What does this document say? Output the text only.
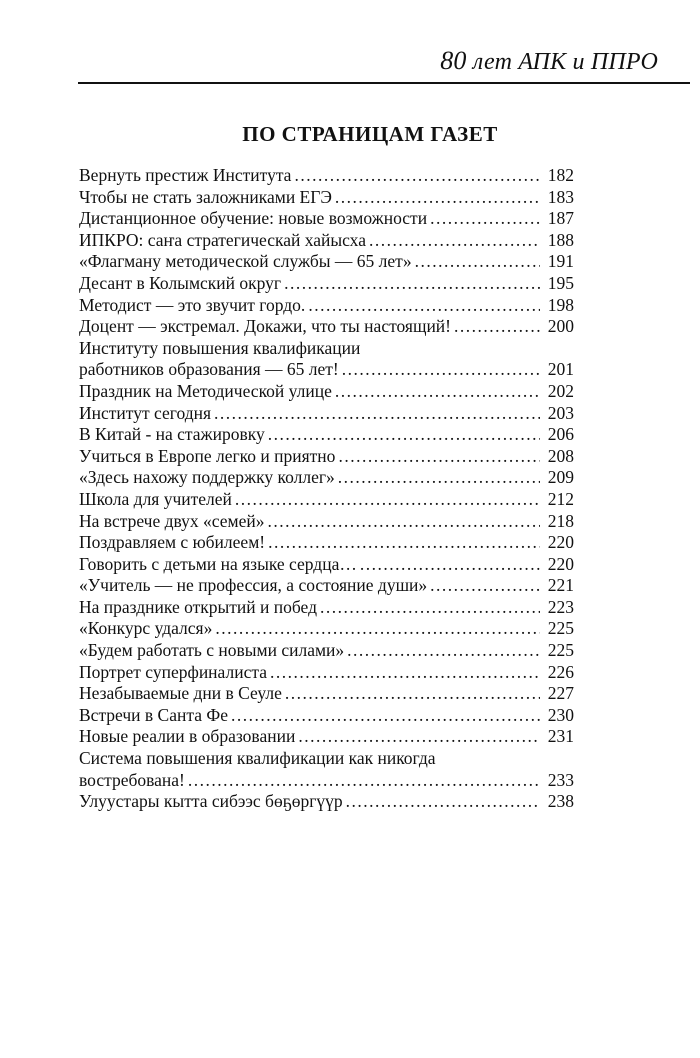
80 лет АПК и ППРО
ПО СТРАНИЦАМ ГАЗЕТ
Вернуть престиж Института .....	182
Чтобы не стать заложниками ЕГЭ .....	183
Дистанционное обучение: новые возможности .....	187
ИПКРО: саҥа стратегическай хайысха .....	188
«Флагману методической службы — 65 лет» .....	191
Десант в Колымский округ .....	195
Методист — это звучит гордо. .....	198
Доцент — экстремал. Докажи, что ты настоящий! .....	200
Институту повышения квалификации
работников образования — 65 лет! .....	201
Праздник на Методической улице .....	202
Институт сегодня .....	203
В Китай - на стажировку .....	206
Учиться в Европе легко и приятно .....	208
«Здесь нахожу поддержку коллег» .....	209
Школа для учителей .....	212
На встрече двух «семей» .....	218
Поздравляем с юбилеем! .....	220
Говорить с детьми на языке сердца… .....	220
«Учитель — не профессия, а состояние души» .....	221
На празднике открытий и побед .....	223
«Конкурс удался» .....	225
«Будем работать с новыми силами» .....	225
Портрет суперфиналиста .....	226
Незабываемые дни в Сеуле .....	227
Встречи в Санта Фе .....	230
Новые реалии в образовании .....	231
Система повышения квалификации как никогда
востребована! .....	233
Улуустары кытта сибээс бөҕөргүүр .....	238
